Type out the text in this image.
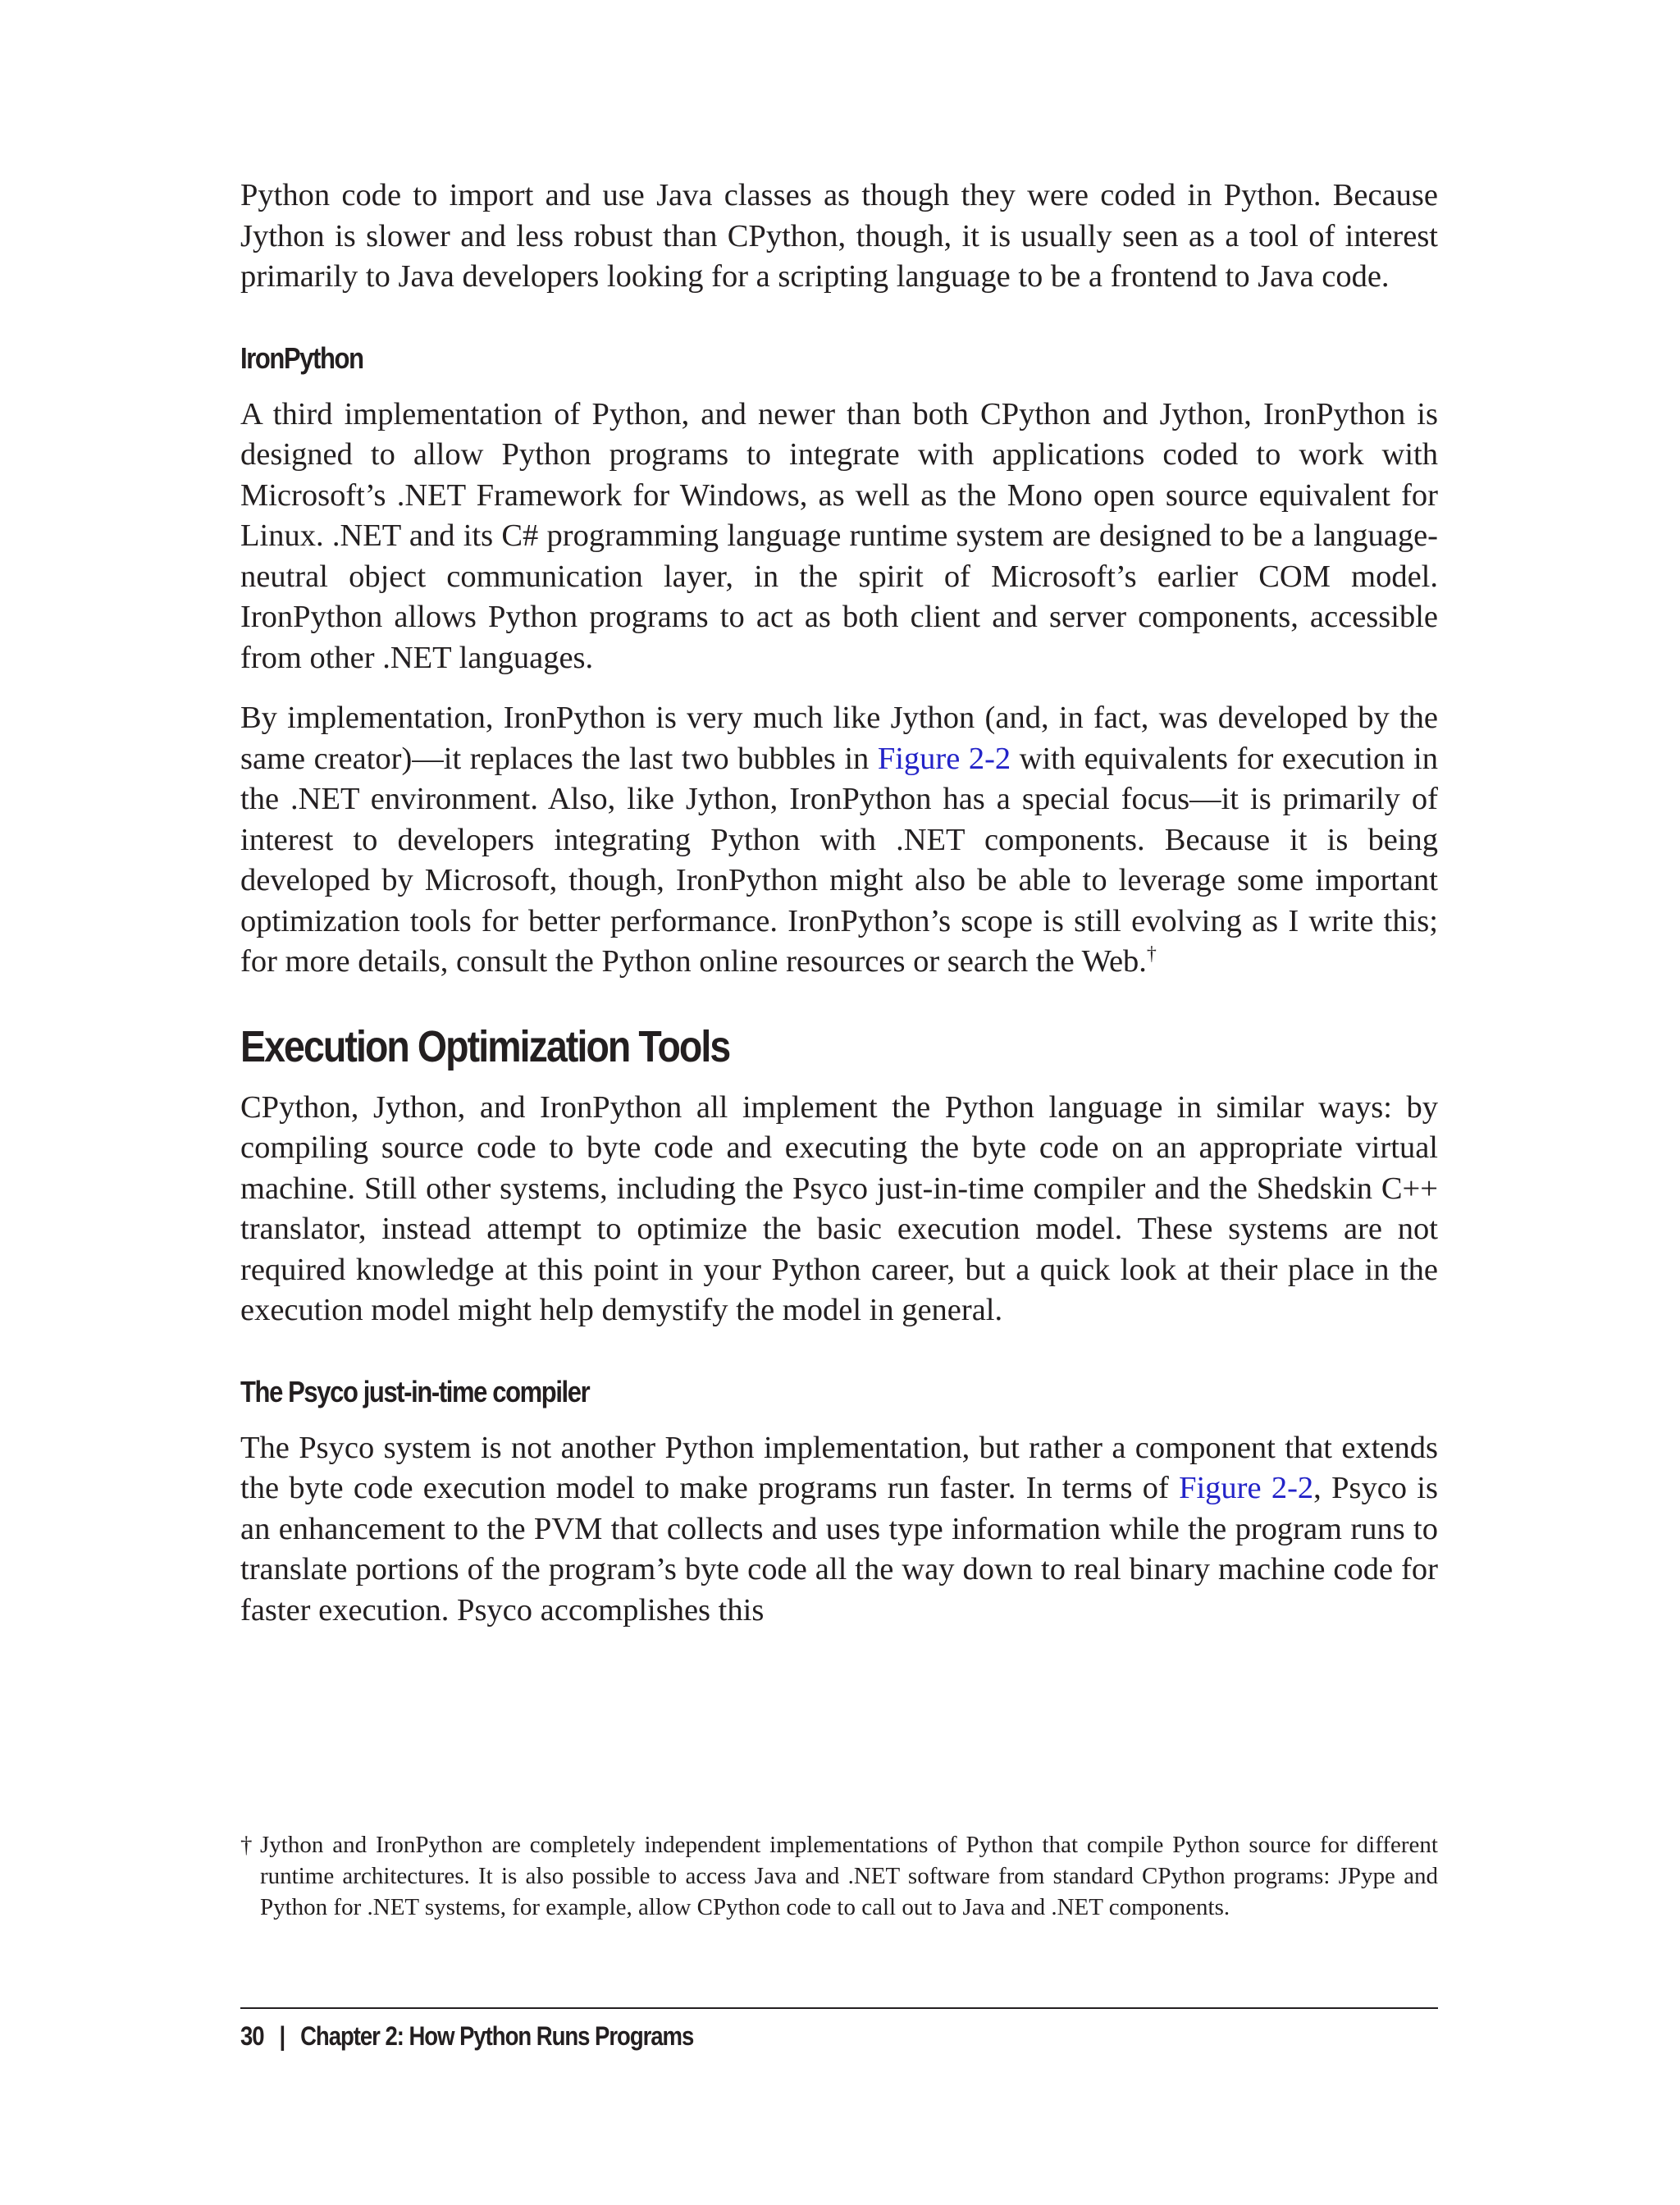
Python code to import and use Java classes as though they were coded in Python. Because Jython is slower and less robust than CPython, though, it is usually seen as a tool of interest primarily to Java developers looking for a scripting language to be a frontend to Java code.

IronPython

A third implementation of Python, and newer than both CPython and Jython, IronPython is designed to allow Python programs to integrate with applications coded to work with Microsoft’s .NET Framework for Windows, as well as the Mono open source equivalent for Linux. .NET and its C# programming language runtime system are designed to be a language-neutral object communication layer, in the spirit of Microsoft’s earlier COM model. IronPython allows Python programs to act as both client and server components, accessible from other .NET languages.

By implementation, IronPython is very much like Jython (and, in fact, was developed by the same creator)—it replaces the last two bubbles in Figure 2-2 with equivalents for execution in the .NET environment. Also, like Jython, IronPython has a special focus—it is primarily of interest to developers integrating Python with .NET components. Because it is being developed by Microsoft, though, IronPython might also be able to leverage some important optimization tools for better performance. IronPython’s scope is still evolving as I write this; for more details, consult the Python online resources or search the Web.†

Execution Optimization Tools

CPython, Jython, and IronPython all implement the Python language in similar ways: by compiling source code to byte code and executing the byte code on an appropriate virtual machine. Still other systems, including the Psyco just-in-time compiler and the Shedskin C++ translator, instead attempt to optimize the basic execution model. These systems are not required knowledge at this point in your Python career, but a quick look at their place in the execution model might help demystify the model in general.

The Psyco just-in-time compiler

The Psyco system is not another Python implementation, but rather a component that extends the byte code execution model to make programs run faster. In terms of Figure 2-2, Psyco is an enhancement to the PVM that collects and uses type information while the program runs to translate portions of the program’s byte code all the way down to real binary machine code for faster execution. Psyco accomplishes this

† Jython and IronPython are completely independent implementations of Python that compile Python source for different runtime architectures. It is also possible to access Java and .NET software from standard CPython programs: JPype and Python for .NET systems, for example, allow CPython code to call out to Java and .NET components.
30 | Chapter 2: How Python Runs Programs
